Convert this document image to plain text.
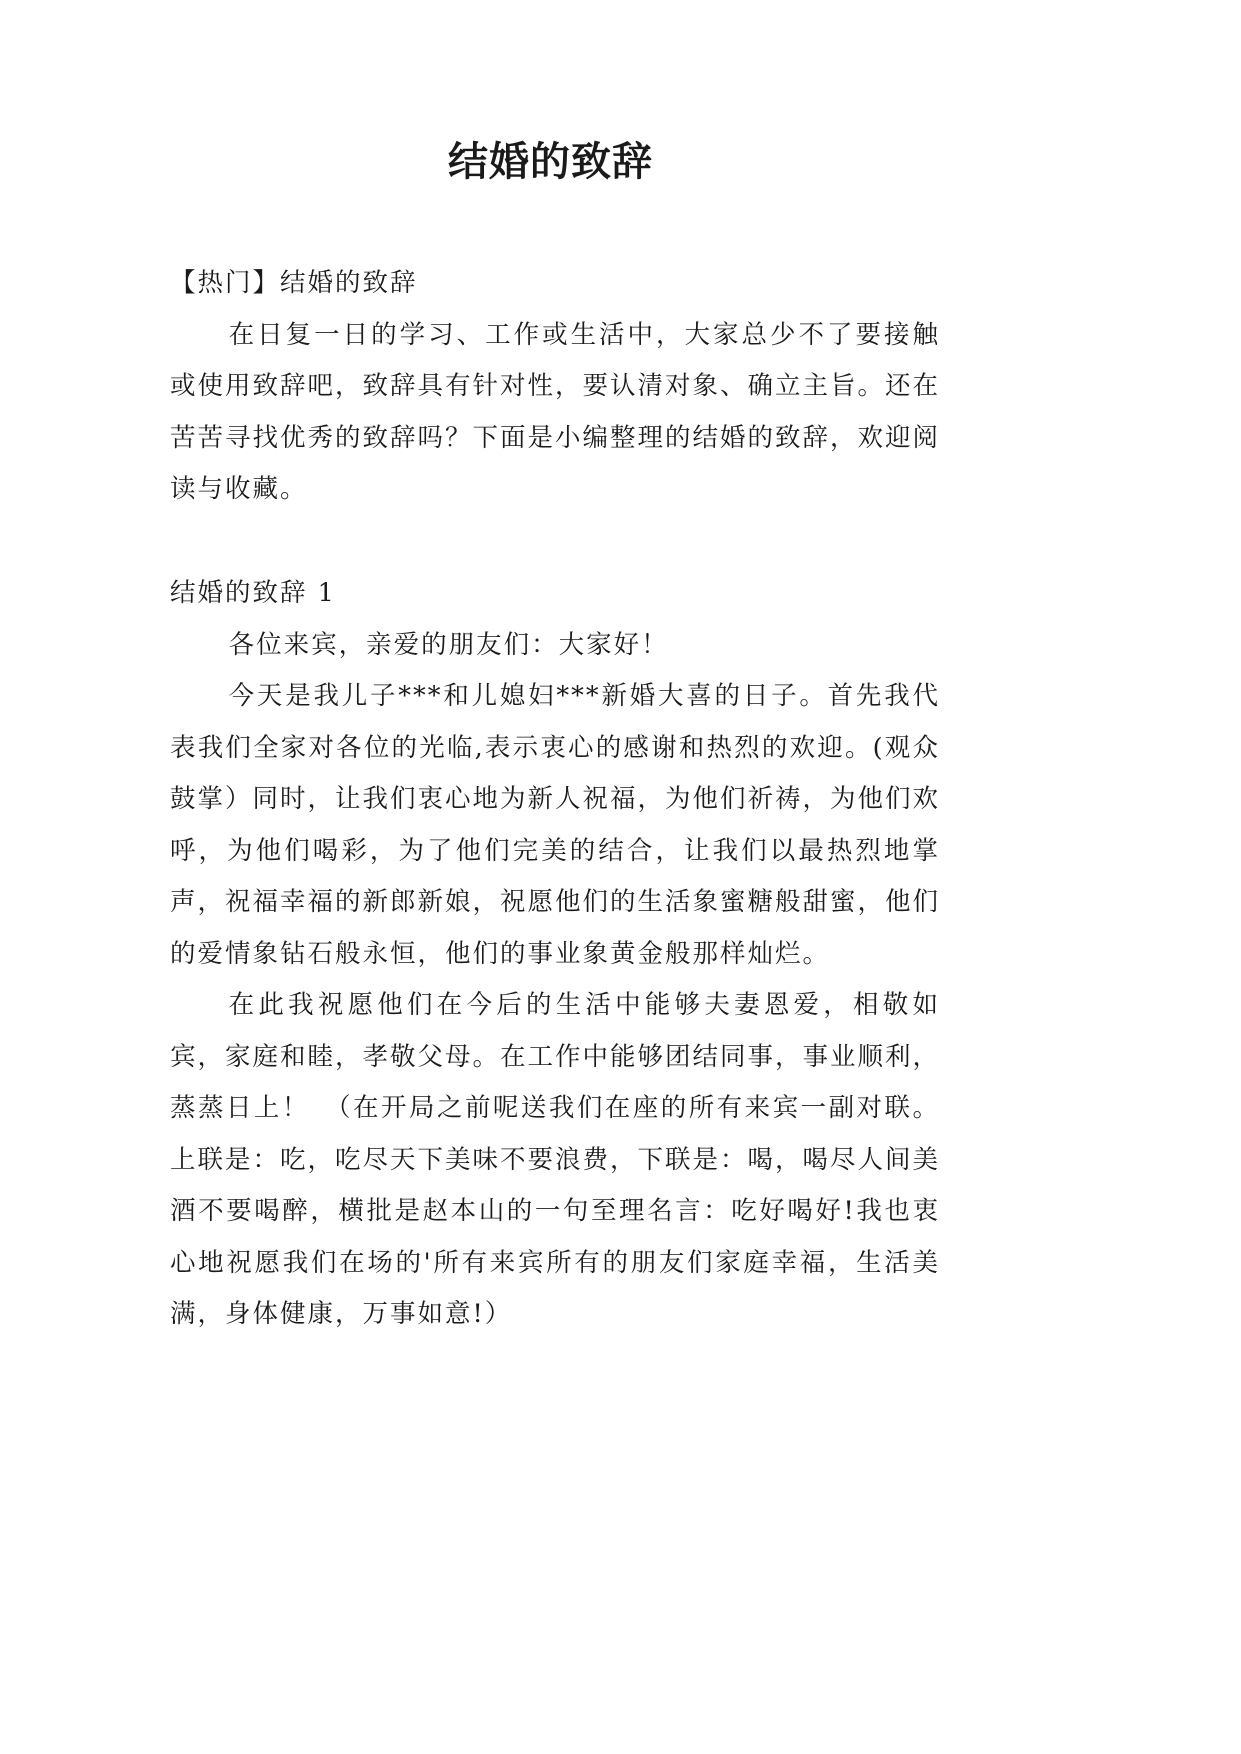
结婚的致辞

【热门】结婚的致辞

在日复一日的学习、工作或生活中，大家总少不了要接触或使用致辞吧，致辞具有针对性，要认清对象、确立主旨。还在苦苦寻找优秀的致辞吗？下面是小编整理的结婚的致辞，欢迎阅读与收藏。

结婚的致辞 1

各位来宾，亲爱的朋友们：大家好！

今天是我儿子***和儿媳妇***新婚大喜的日子。首先我代表我们全家对各位的光临,表示衷心的感谢和热烈的欢迎。(观众鼓掌）同时，让我们衷心地为新人祝福，为他们祈祷，为他们欢呼，为他们喝彩，为了他们完美的结合，让我们以最热烈地掌声，祝福幸福的新郎新娘，祝愿他们的生活象蜜糖般甜蜜，他们的爱情象钻石般永恒，他们的事业象黄金般那样灿烂。

在此我祝愿他们在今后的生活中能够夫妻恩爱，相敬如宾，家庭和睦，孝敬父母。在工作中能够团结同事，事业顺利，蒸蒸日上！　（在开局之前呢送我们在座的所有来宾一副对联。上联是：吃，吃尽天下美味不要浪费，下联是：喝，喝尽人间美酒不要喝醉，横批是赵本山的一句至理名言：吃好喝好!我也衷心地祝愿我们在场的'所有来宾所有的朋友们家庭幸福，生活美满，身体健康，万事如意!）
